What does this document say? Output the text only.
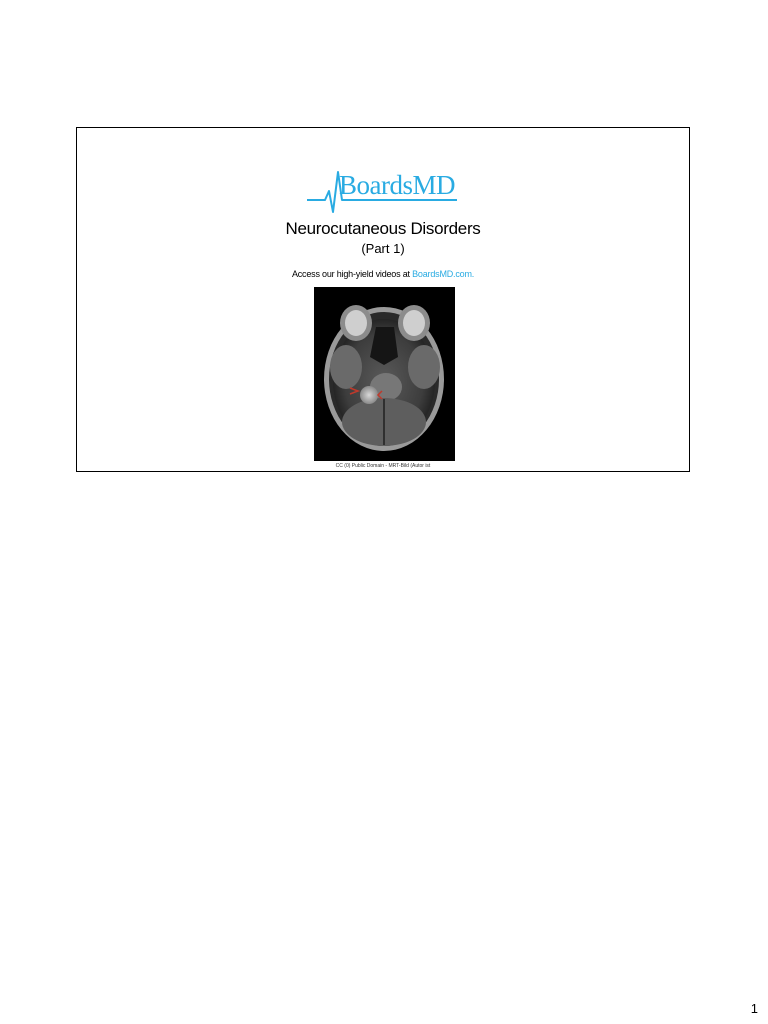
BoardsMD
Neurocutaneous Disorders
(Part 1)
Access our high-yield videos at BoardsMD.com.
CC (0) Public Domain - MRT-Bild (Autor ist
1
